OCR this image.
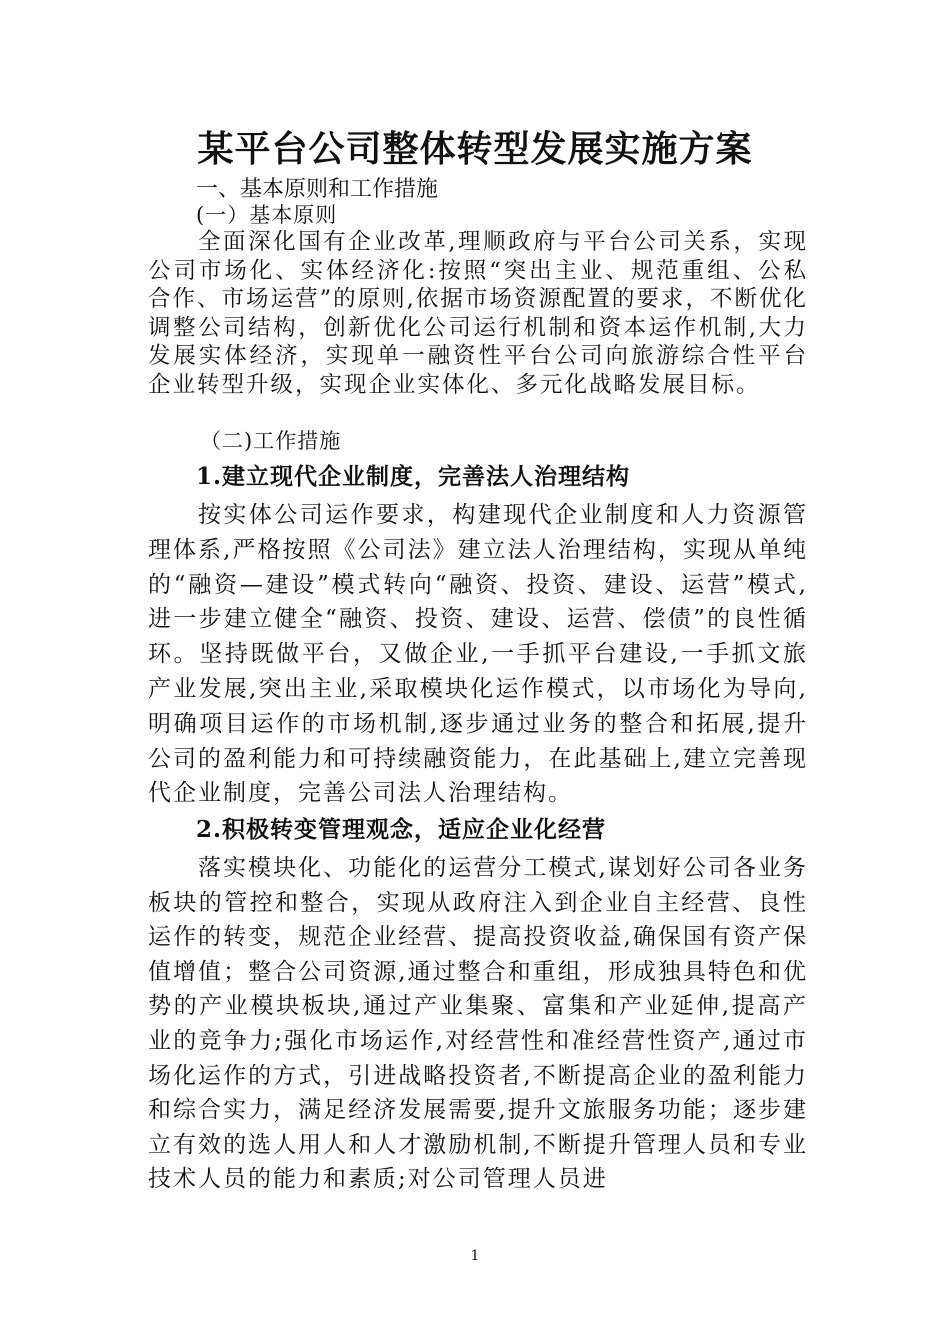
某平台公司整体转型发展实施方案
一、基本原则和工作措施
(一）基本原则

全面深化国有企业改革,理顺政府与平台公司关系，实现公司市场化、实体经济化:按照“突出主业、规范重组、公私合作、市场运营”的原则,依据市场资源配置的要求，不断优化调整公司结构，创新优化公司运行机制和资本运作机制,大力发展实体经济，实现单一融资性平台公司向旅游综合性平台企业转型升级，实现企业实体化、多元化战略发展目标。

（二)工作措施
1.建立现代企业制度，完善法人治理结构

按实体公司运作要求，构建现代企业制度和人力资源管理体系,严格按照《公司法》建立法人治理结构，实现从单纯的“融资—建设”模式转向“融资、投资、建设、运营”模式,进一步建立健全“融资、投资、建设、运营、偿债”的良性循环。坚持既做平台，又做企业,一手抓平台建设,一手抓文旅产业发展,突出主业,采取模块化运作模式，以市场化为导向,明确项目运作的市场机制,逐步通过业务的整合和拓展,提升公司的盈利能力和可持续融资能力，在此基础上,建立完善现代企业制度，完善公司法人治理结构。

2.积极转变管理观念，适应企业化经营

落实模块化、功能化的运营分工模式,谋划好公司各业务板块的管控和整合，实现从政府注入到企业自主经营、良性运作的转变，规范企业经营、提高投资收益,确保国有资产保值增值；整合公司资源,通过整合和重组，形成独具特色和优势的产业模块板块,通过产业集聚、富集和产业延伸,提高产业的竞争力;强化市场运作,对经营性和准经营性资产,通过市场化运作的方式，引进战略投资者,不断提高企业的盈利能力和综合实力，满足经济发展需要,提升文旅服务功能；逐步建立有效的选人用人和人才激励机制,不断提升管理人员和专业技术人员的能力和素质;对公司管理人员进

1
